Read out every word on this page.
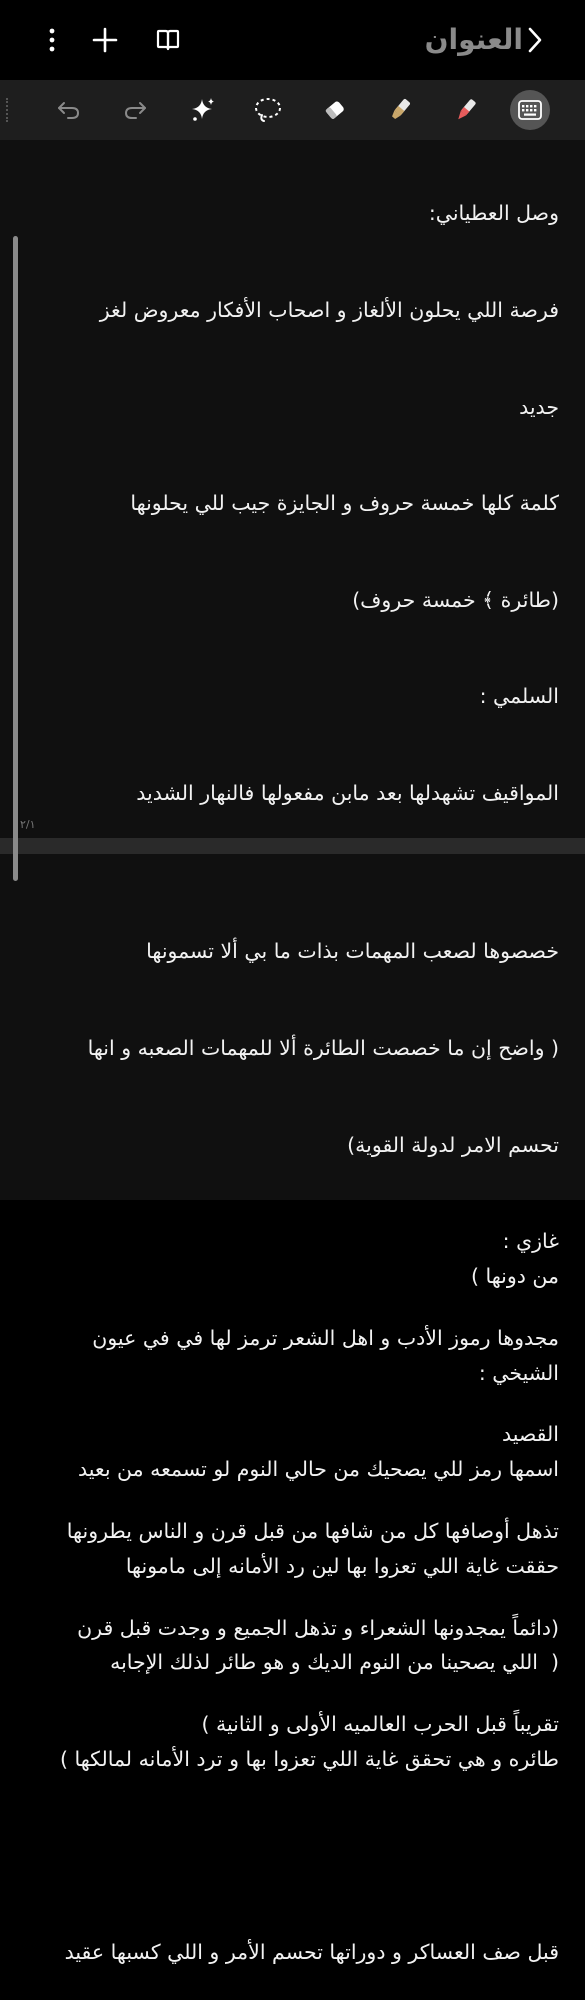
العنوان

وصل العطياني:

فرصة اللي يحلون الألغاز و اصحاب الأفكار معروض لغز

جديد

كلمة كلها خمسة حروف و الجايزة جيب للي يحلونها

(طائرة ﴾ خمسة حروف)

السلمي :

المواقيف تشهدلها بعد مابن مفعولها فالنهار الشديد

من دونها )

الشيخي :

اسمها رمز للي يصحيك من حالي النوم لو تسمعه من بعيد

حققت غاية اللي تعزوا بها لين رد الأمانه إلى مامونها

(  اللي يصحينا من النوم الديك و هو طائر لذلك الإجابه

طائره و هي تحقق غاية اللي تعزوا بها و ترد الأمانه لمالكها )

قبل صف العساكر و دوراتها تحسم الأمر و اللي كسبها عقيد

٢/١

خصصوها لصعب المهمات بذات ما بي ألا تسمونها

( واضح إن ما خصصت الطائرة ألا للمهمات الصعبه و انها

تحسم الامر لدولة القوية)

غازي :

مجدوها رموز الأدب و اهل الشعر ترمز لها في في عيون

القصيد

تذهل أوصافها كل من شافها من قبل قرن و الناس يطرونها

(دائماً يمجدونها الشعراء و تذهل الجميع و وجدت قبل قرن

تقريباً قبل الحرب العالميه الأولى و الثانية )
